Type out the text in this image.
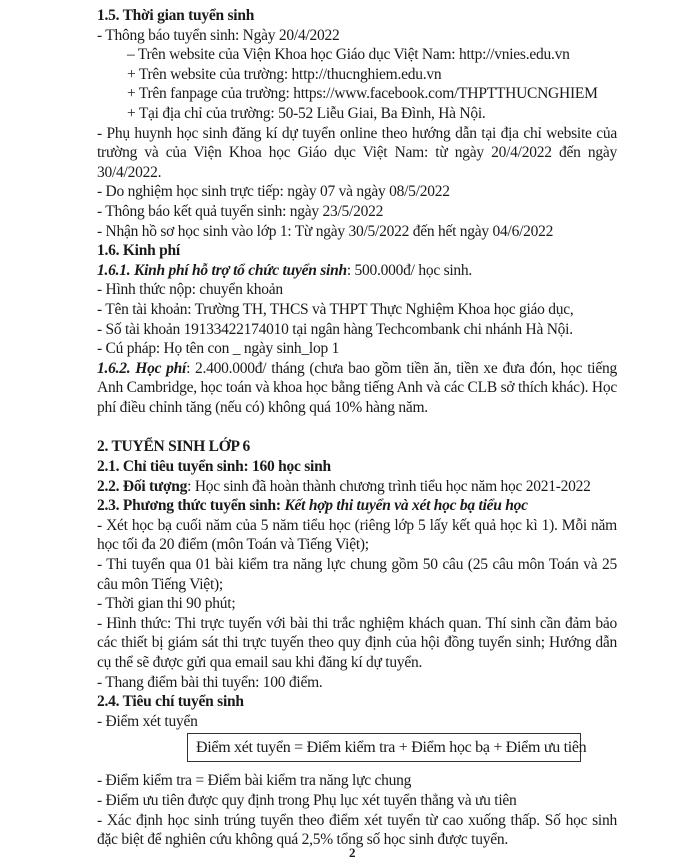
1.5. Thời gian tuyển sinh
- Thông báo tuyển sinh: Ngày 20/4/2022
– Trên website của Viện Khoa học Giáo dục Việt Nam: http://vnies.edu.vn
+ Trên website của trường: http://thucnghiem.edu.vn
+ Trên fanpage của trường: https://www.facebook.com/THPTTHUCNGHIEM
+ Tại địa chỉ của trường: 50-52 Liễu Giai, Ba Đình, Hà Nội.
- Phụ huynh học sinh đăng kí dự tuyển online theo hướng dẫn tại địa chỉ website của trường và của Viện Khoa học Giáo dục Việt Nam: từ ngày 20/4/2022 đến ngày 30/4/2022.
- Do nghiệm học sinh trực tiếp: ngày 07 và ngày 08/5/2022
- Thông báo kết quả tuyển sinh: ngày 23/5/2022
- Nhận hồ sơ học sinh vào lớp 1: Từ ngày 30/5/2022 đến hết ngày 04/6/2022
1.6. Kinh phí
1.6.1. Kinh phí hỗ trợ tổ chức tuyển sinh: 500.000đ/ học sinh.
- Hình thức nộp: chuyển khoản
- Tên tài khoản: Trường TH, THCS và THPT Thực Nghiệm Khoa học giáo dục,
- Số tài khoản 19133422174010 tại ngân hàng Techcombank chi nhánh Hà Nội.
- Cú pháp: Họ tên con _ ngày sinh_lop 1
1.6.2. Học phí: 2.400.000đ/ tháng (chưa bao gồm tiền ăn, tiền xe đưa đón, học tiếng Anh Cambridge, học toán và khoa học bằng tiếng Anh và các CLB sở thích khác). Học phí điều chỉnh tăng (nếu có) không quá 10% hàng năm.
2. TUYỂN SINH LỚP 6
2.1. Chỉ tiêu tuyển sinh: 160 học sinh
2.2. Đối tượng: Học sinh đã hoàn thành chương trình tiểu học năm học 2021-2022
2.3. Phương thức tuyển sinh: Kết hợp thi tuyển và xét học bạ tiểu học
- Xét học bạ cuối năm của 5 năm tiểu học (riêng lớp 5 lấy kết quả học kì 1). Mỗi năm học tối đa 20 điểm (môn Toán và Tiếng Việt);
- Thi tuyển qua 01 bài kiểm tra năng lực chung gồm 50 câu (25 câu môn Toán và 25 câu môn Tiếng Việt);
- Thời gian thi 90 phút;
- Hình thức: Thi trực tuyến với bài thi trắc nghiệm khách quan. Thí sinh cần đảm bảo các thiết bị giám sát thi trực tuyến theo quy định của hội đồng tuyển sinh; Hướng dẫn cụ thể sẽ được gửi qua email sau khi đăng kí dự tuyển.
- Thang điểm bài thi tuyển: 100 điểm.
2.4. Tiêu chí tuyển sinh
- Điểm xét tuyển
Điểm xét tuyển = Điểm kiểm tra + Điểm học bạ + Điểm ưu tiên
- Điểm kiểm tra = Điểm bài kiểm tra năng lực chung
- Điểm ưu tiên được quy định trong Phụ lục xét tuyển thẳng và ưu tiên
- Xác định học sinh trúng tuyển theo điểm xét tuyển từ cao xuống thấp. Số học sinh đặc biệt để nghiên cứu không quá 2,5% tổng số học sinh được tuyển.
2
